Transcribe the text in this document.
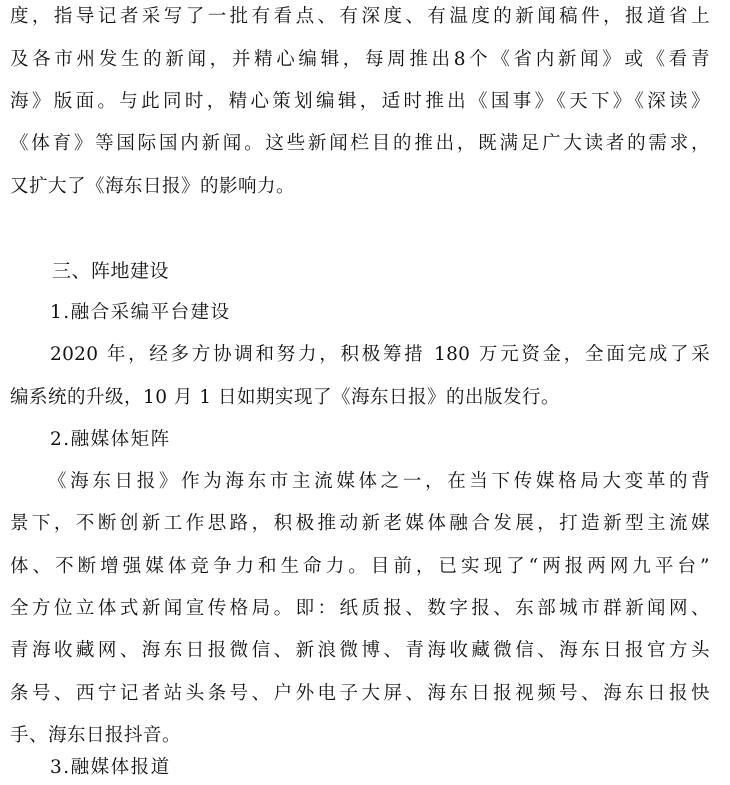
度，指导记者采写了一批有看点、有深度、有温度的新闻稿件，报道省上
及各市州发生的新闻，并精心编辑，每周推出8个《省内新闻》或《看青
海》版面。与此同时，精心策划编辑，适时推出《国事》《天下》《深读》
《体育》等国际国内新闻。这些新闻栏目的推出，既满足广大读者的需求，
又扩大了《海东日报》的影响力。
三、阵地建设
1.融合采编平台建设
2020 年，经多方协调和努力，积极筹措 180 万元资金，全面完成了采
编系统的升级，10 月 1 日如期实现了《海东日报》的出版发行。
2.融媒体矩阵
《海东日报》作为海东市主流媒体之一，在当下传媒格局大变革的背
景下，不断创新工作思路，积极推动新老媒体融合发展，打造新型主流媒
体、不断增强媒体竞争力和生命力。目前，已实现了“两报两网九平台”
全方位立体式新闻宣传格局。即：纸质报、数字报、东部城市群新闻网、
青海收藏网、海东日报微信、新浪微博、青海收藏微信、海东日报官方头
条号、西宁记者站头条号、户外电子大屏、海东日报视频号、海东日报快
手、海东日报抖音。
3.融媒体报道
